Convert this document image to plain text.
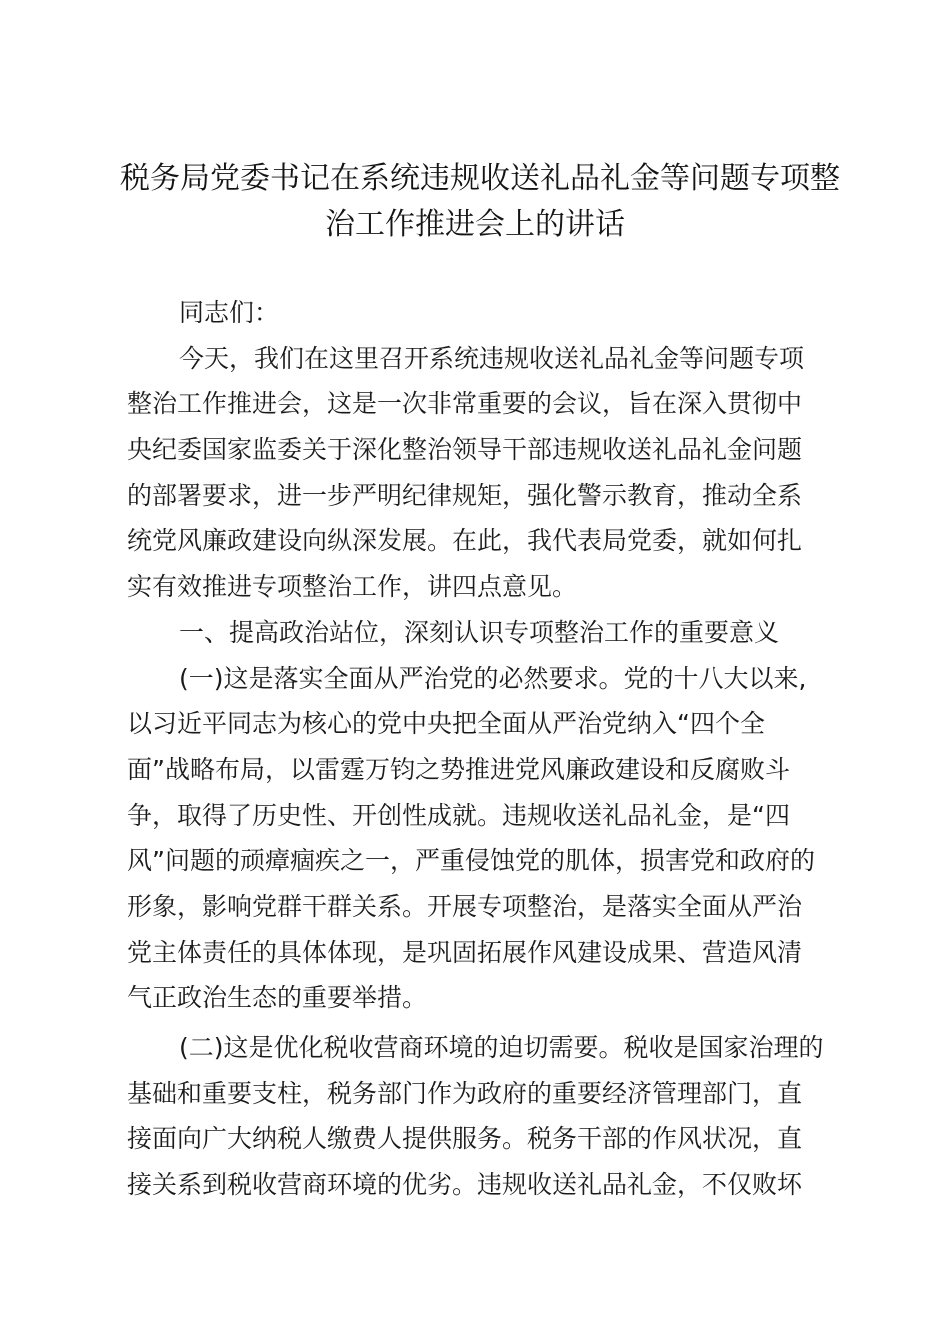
税务局党委书记在系统违规收送礼品礼金等问题专项整
治工作推进会上的讲话
同志们：
今天，我们在这里召开系统违规收送礼品礼金等问题专项
整治工作推进会，这是一次非常重要的会议，旨在深入贯彻中
央纪委国家监委关于深化整治领导干部违规收送礼品礼金问题
的部署要求，进一步严明纪律规矩，强化警示教育，推动全系
统党风廉政建设向纵深发展。在此，我代表局党委，就如何扎
实有效推进专项整治工作，讲四点意见。
一、提高政治站位，深刻认识专项整治工作的重要意义
(一)这是落实全面从严治党的必然要求。党的十八大以来,
以习近平同志为核心的党中央把全面从严治党纳入“四个全
面”战略布局，以雷霆万钧之势推进党风廉政建设和反腐败斗
争，取得了历史性、开创性成就。违规收送礼品礼金，是“四
风”问题的顽瘴痼疾之一，严重侵蚀党的肌体，损害党和政府的
形象，影响党群干群关系。开展专项整治，是落实全面从严治
党主体责任的具体体现，是巩固拓展作风建设成果、营造风清
气正政治生态的重要举措。
(二)这是优化税收营商环境的迫切需要。税收是国家治理的
基础和重要支柱，税务部门作为政府的重要经济管理部门，直
接面向广大纳税人缴费人提供服务。税务干部的作风状况，直
接关系到税收营商环境的优劣。违规收送礼品礼金，不仅败坏
